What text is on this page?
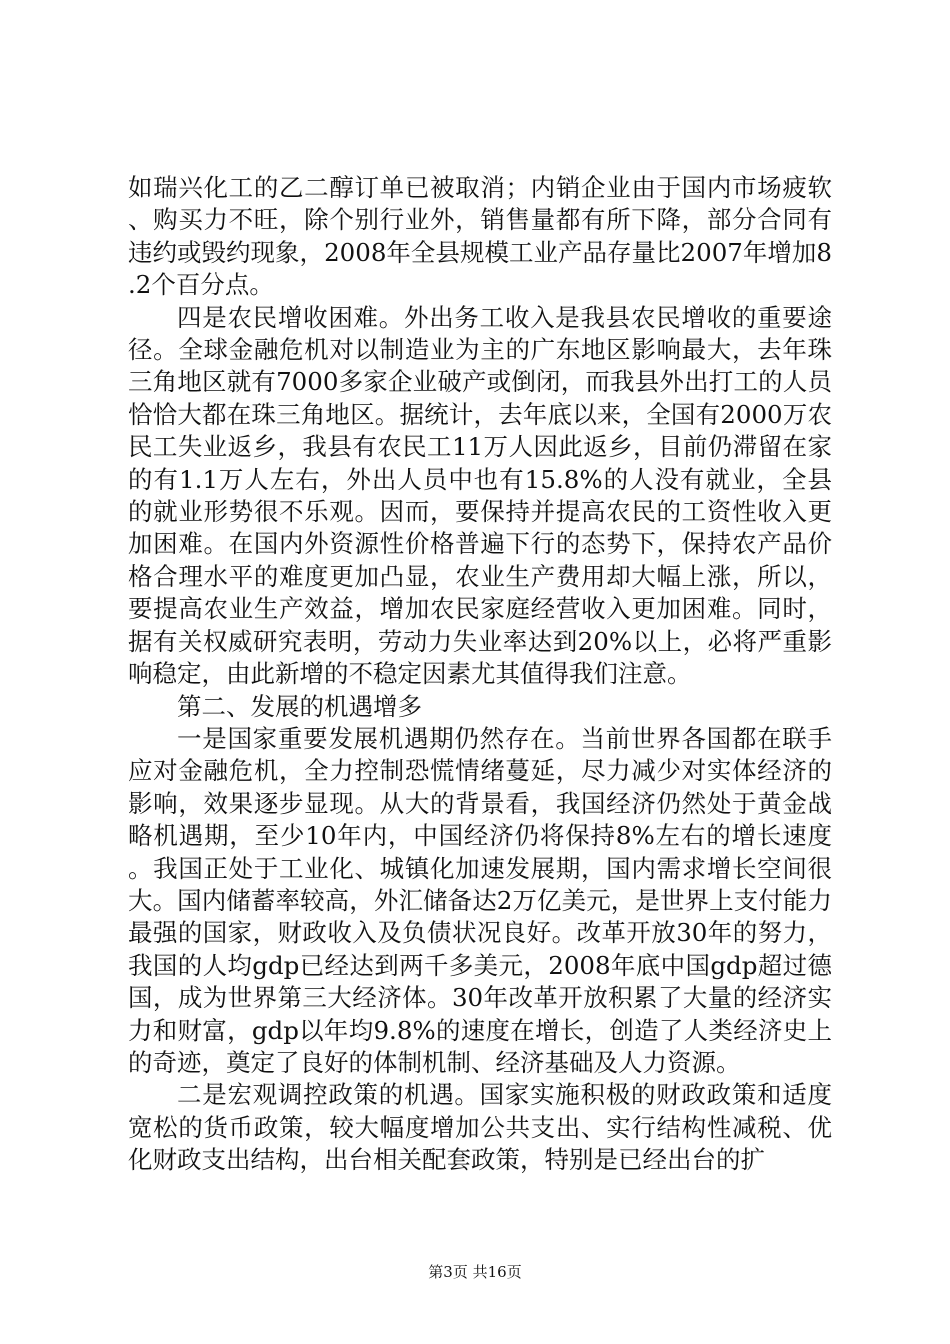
如瑞兴化工的乙二醇订单已被取消；内销企业由于国内市场疲软、购买力不旺，除个别行业外，销售量都有所下降，部分合同有违约或毁约现象，2008年全县规模工业产品存量比2007年增加8.2个百分点。

四是农民增收困难。外出务工收入是我县农民增收的重要途径。全球金融危机对以制造业为主的广东地区影响最大，去年珠三角地区就有7000多家企业破产或倒闭，而我县外出打工的人员恰恰大都在珠三角地区。据统计，去年底以来，全国有2000万农民工失业返乡，我县有农民工11万人因此返乡，目前仍滞留在家的有1.1万人左右，外出人员中也有15.8%的人没有就业，全县的就业形势很不乐观。因而，要保持并提高农民的工资性收入更加困难。在国内外资源性价格普遍下行的态势下，保持农产品价格合理水平的难度更加凸显，农业生产费用却大幅上涨，所以，要提高农业生产效益，增加农民家庭经营收入更加困难。同时，据有关权威研究表明，劳动力失业率达到20%以上，必将严重影响稳定，由此新增的不稳定因素尤其值得我们注意。

第二、发展的机遇增多

一是国家重要发展机遇期仍然存在。当前世界各国都在联手应对金融危机，全力控制恐慌情绪蔓延，尽力减少对实体经济的影响，效果逐步显现。从大的背景看，我国经济仍然处于黄金战略机遇期，至少10年内，中国经济仍将保持8%左右的增长速度。我国正处于工业化、城镇化加速发展期，国内需求增长空间很大。国内储蓄率较高，外汇储备达2万亿美元，是世界上支付能力最强的国家，财政收入及负债状况良好。改革开放30年的努力，我国的人均gdp已经达到两千多美元，2008年底中国gdp超过德国，成为世界第三大经济体。30年改革开放积累了大量的经济实力和财富，gdp以年均9.8%的速度在增长，创造了人类经济史上的奇迹，奠定了良好的体制机制、经济基础及人力资源。

二是宏观调控政策的机遇。国家实施积极的财政政策和适度宽松的货币政策，较大幅度增加公共支出、实行结构性减税、优化财政支出结构，出台相关配套政策，特别是已经出台的扩

第3页 共16页
